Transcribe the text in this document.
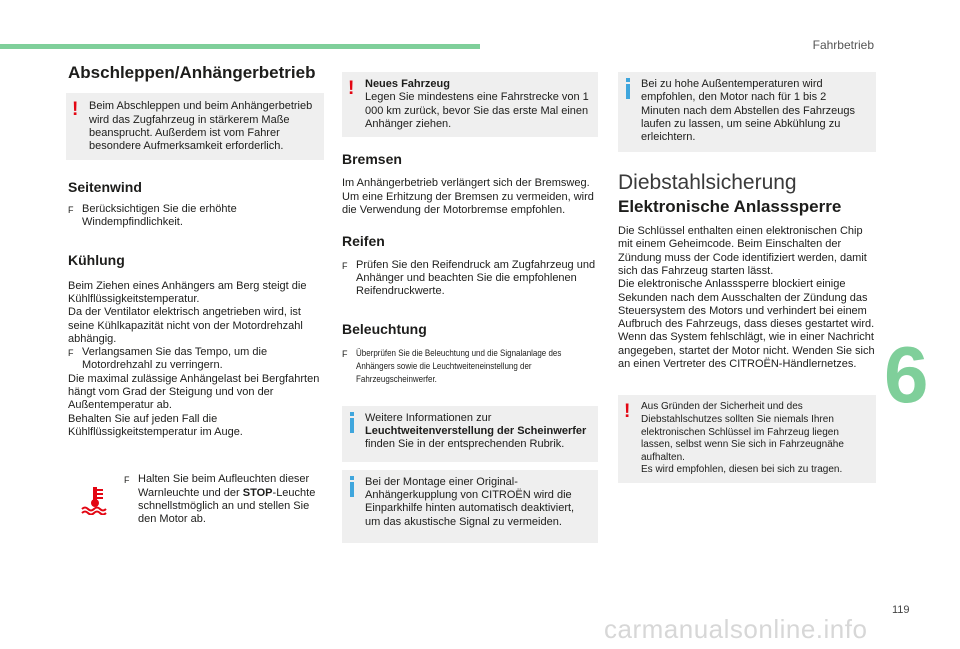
Fahrbetrieb
6
119
carmanualsonline.info
Abschleppen/Anhängerbetrieb
! Beim Abschleppen und beim Anhängerbetrieb wird das Zugfahrzeug in stärkerem Maße beansprucht. Außerdem ist vom Fahrer besondere Aufmerksamkeit erforderlich.

Seitenwind
F Berücksichtigen Sie die erhöhte Windempfindlichkeit.
Kühlung

Beim Ziehen eines Anhängers am Berg steigt die Kühlflüssigkeitstemperatur.

Da der Ventilator elektrisch angetrieben wird, ist seine Kühlkapazität nicht von der Motordrehzahl abhängig.

F Verlangsamen Sie das Tempo, um die Motordrehzahl zu verringern.

Die maximal zulässige Anhängelast bei Bergfahrten hängt vom Grad der Steigung und von der Außentemperatur ab.

Behalten Sie auf jeden Fall die Kühlflüssigkeitstemperatur im Auge.

F Halten Sie beim Aufleuchten dieser Warnleuchte und der STOP-Leuchte schnellstmöglich an und stellen Sie den Motor ab.
! Neues Fahrzeug

Legen Sie mindestens eine Fahrstrecke von 1 000 km zurück, bevor Sie das erste Mal einen Anhänger ziehen.

Bremsen

Im Anhängerbetrieb verlängert sich der Bremsweg.

Um eine Erhitzung der Bremsen zu vermeiden, wird die Verwendung der Motorbremse empfohlen.

Reifen
F Prüfen Sie den Reifendruck am Zugfahrzeug und Anhänger und beachten Sie die empfohlenen Reifendruckwerte.
Beleuchtung
F Überprüfen Sie die Beleuchtung und die Signalanlage des Anhängers sowie die Leuchtweiteneinstellung der Fahrzeugscheinwerfer.

Weitere Informationen zur Leuchtweitenverstellung der Scheinwerfer finden Sie in der entsprechenden Rubrik.

Bei der Montage einer Original-Anhängerkupplung von CITROËN wird die Einparkhilfe hinten automatisch deaktiviert, um das akustische Signal zu vermeiden.

Bei zu hohe Außentemperaturen wird empfohlen, den Motor nach für 1 bis 2 Minuten nach dem Abstellen des Fahrzeugs laufen zu lassen, um seine Abkühlung zu erleichtern.

Diebstahlsicherung
Elektronische Anlasssperre

Die Schlüssel enthalten einen elektronischen Chip mit einem Geheimcode. Beim Einschalten der Zündung muss der Code identifiziert werden, damit sich das Fahrzeug starten lässt.

Die elektronische Anlasssperre blockiert einige Sekunden nach dem Ausschalten der Zündung das Steuersystem des Motors und verhindert bei einem Aufbruch des Fahrzeugs, dass dieses gestartet wird.

Wenn das System fehlschlägt, wie in einer Nachricht angegeben, startet der Motor nicht. Wenden Sie sich an einen Vertreter des CITROËN-Händlernetzes.

! Aus Gründen der Sicherheit und des Diebstahlschutzes sollten Sie niemals Ihren elektronischen Schlüssel im Fahrzeug liegen lassen, selbst wenn Sie sich in Fahrzeugnähe aufhalten.

Es wird empfohlen, diesen bei sich zu tragen.
